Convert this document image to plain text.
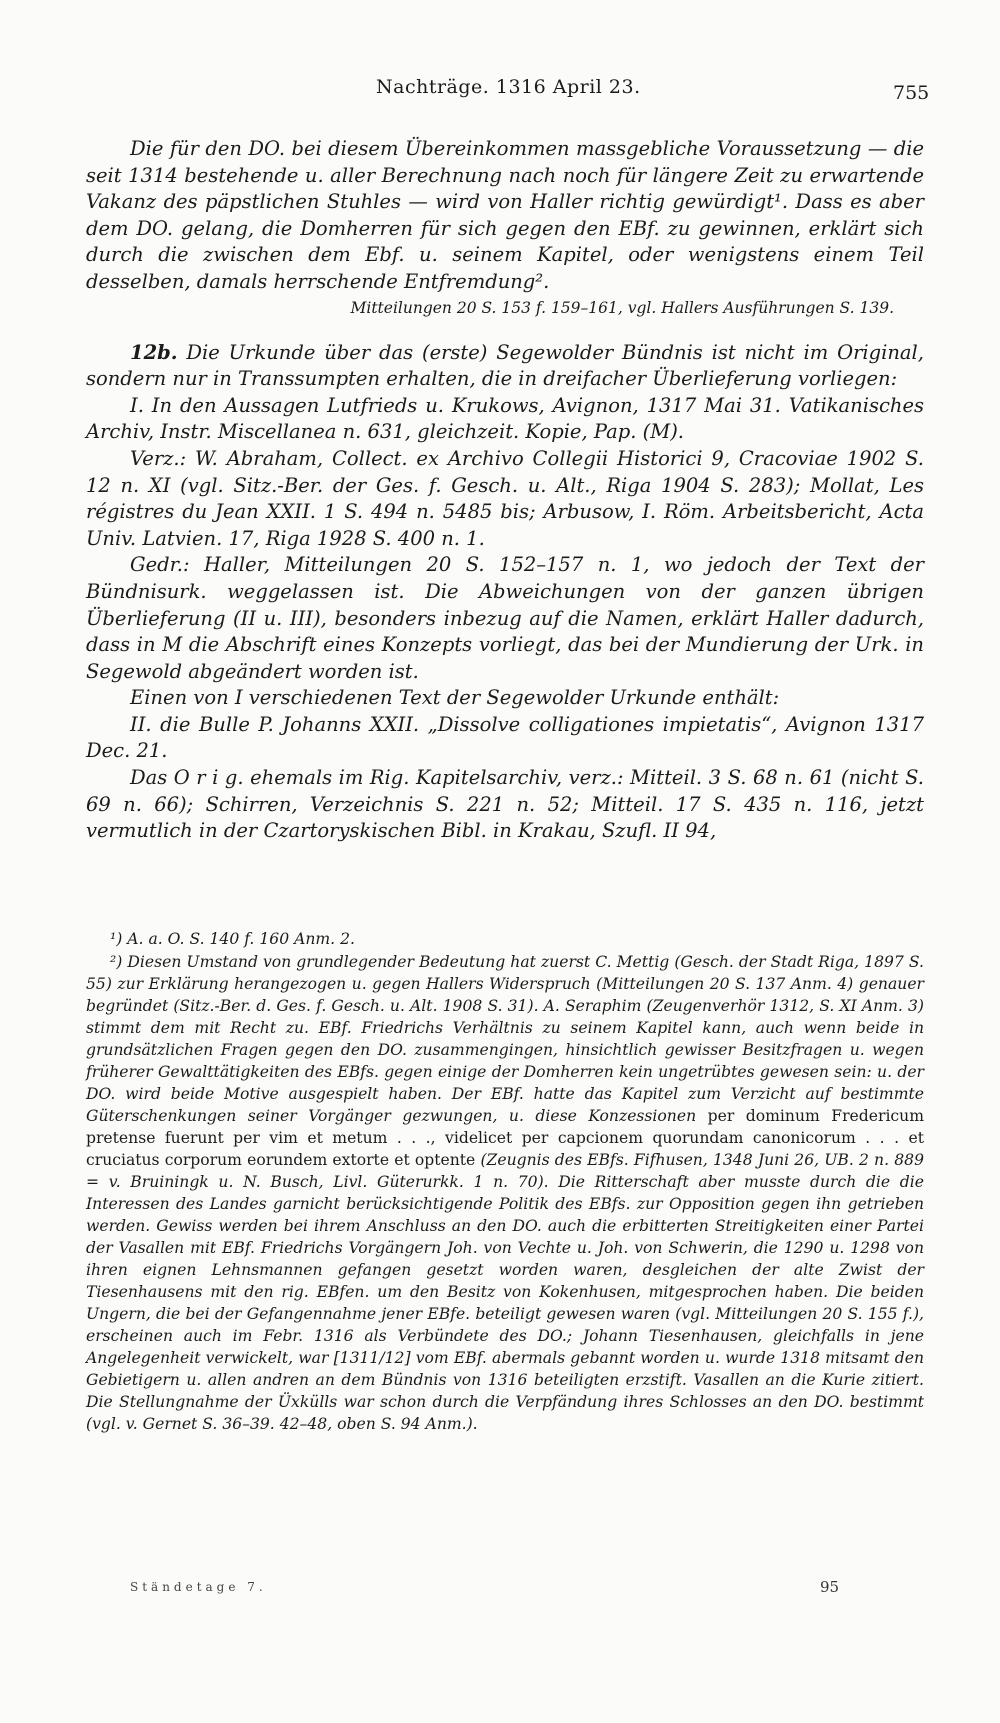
Nachträge. 1316 April 23.	755

Die für den DO. bei diesem Übereinkommen massgebliche Voraussetzung — die seit 1314 bestehende u. aller Berechnung nach noch für längere Zeit zu erwartende Vakanz des päpstlichen Stuhles — wird von Haller richtig gewürdigt¹. Dass es aber dem DO. gelang, die Domherren für sich gegen den EBf. zu gewinnen, erklärt sich durch die zwischen dem Ebf. u. seinem Kapitel, oder wenigstens einem Teil desselben, damals herrschende Entfremdung².

Mitteilungen 20 S. 153 f. 159–161, vgl. Hallers Ausführungen S. 139.

12b. Die Urkunde über das (erste) Segewolder Bündnis ist nicht im Original, sondern nur in Transsumpten erhalten, die in dreifacher Überlieferung vorliegen:

I. In den Aussagen Lutfrieds u. Krukows, Avignon, 1317 Mai 31. Vatikanisches Archiv, Instr. Miscellanea n. 631, gleichzeit. Kopie, Pap. (M).

Verz.: W. Abraham, Collect. ex Archivo Collegii Historici 9, Cracoviae 1902 S. 12 n. XI (vgl. Sitz.-Ber. der Ges. f. Gesch. u. Alt., Riga 1904 S. 283); Mollat, Les régistres du Jean XXII. 1 S. 494 n. 5485 bis; Arbusow, I. Röm. Arbeitsbericht, Acta Univ. Latvien. 17, Riga 1928 S. 400 n. 1.

Gedr.: Haller, Mitteilungen 20 S. 152–157 n. 1, wo jedoch der Text der Bündnisurk. weggelassen ist. Die Abweichungen von der ganzen übrigen Überlieferung (II u. III), besonders inbezug auf die Namen, erklärt Haller dadurch, dass in M die Abschrift eines Konzepts vorliegt, das bei der Mundierung der Urk. in Segewold abgeändert worden ist.

Einen von I verschiedenen Text der Segewolder Urkunde enthält:

II. die Bulle P. Johanns XXII. „Dissolve colligationes impietatis“, Avignon 1317 Dec. 21.

Das O r i g. ehemals im Rig. Kapitelsarchiv, verz.: Mitteil. 3 S. 68 n. 61 (nicht S. 69 n. 66); Schirren, Verzeichnis S. 221 n. 52; Mitteil. 17 S. 435 n. 116, jetzt vermutlich in der Czartoryskischen Bibl. in Krakau, Szufl. II 94,

¹) A. a. O. S. 140 f. 160 Anm. 2.

²) Diesen Umstand von grundlegender Bedeutung hat zuerst C. Mettig (Gesch. der Stadt Riga, 1897 S. 55) zur Erklärung herangezogen u. gegen Hallers Widerspruch (Mitteilungen 20 S. 137 Anm. 4) genauer begründet (Sitz.-Ber. d. Ges. f. Gesch. u. Alt. 1908 S. 31). A. Seraphim (Zeugenverhör 1312, S. XI Anm. 3) stimmt dem mit Recht zu. EBf. Friedrichs Verhältnis zu seinem Kapitel kann, auch wenn beide in grundsätzlichen Fragen gegen den DO. zusammengingen, hinsichtlich gewisser Besitzfragen u. wegen früherer Gewalttätigkeiten des EBfs. gegen einige der Domherren kein ungetrübtes gewesen sein: u. der DO. wird beide Motive ausgespielt haben. Der EBf. hatte das Kapitel zum Verzicht auf bestimmte Güterschenkungen seiner Vorgänger gezwungen, u. diese Konzessionen per dominum Fredericum pretense fuerunt per vim et metum . . ., videlicet per capcionem quorundam canonicorum . . . et cruciatus corporum eorundem extorte et optente (Zeugnis des EBfs. Fifhusen, 1348 Juni 26, UB. 2 n. 889 = v. Bruiningk u. N. Busch, Livl. Güterurkk. 1 n. 70). Die Ritterschaft aber musste durch die die Interessen des Landes garnicht berücksichtigende Politik des EBfs. zur Opposition gegen ihn getrieben werden. Gewiss werden bei ihrem Anschluss an den DO. auch die erbitterten Streitigkeiten einer Partei der Vasallen mit EBf. Friedrichs Vorgängern Joh. von Vechte u. Joh. von Schwerin, die 1290 u. 1298 von ihren eignen Lehnsmannen gefangen gesetzt worden waren, desgleichen der alte Zwist der Tiesenhausens mit den rig. EBfen. um den Besitz von Kokenhusen, mitgesprochen haben. Die beiden Ungern, die bei der Gefangennahme jener EBfe. beteiligt gewesen waren (vgl. Mitteilungen 20 S. 155 f.), erscheinen auch im Febr. 1316 als Verbündete des DO.; Johann Tiesenhausen, gleichfalls in jene Angelegenheit verwickelt, war [1311/12] vom EBf. abermals gebannt worden u. wurde 1318 mitsamt den Gebietigern u. allen andren an dem Bündnis von 1316 beteiligten erzstift. Vasallen an die Kurie zitiert. Die Stellungnahme der Üxkülls war schon durch die Verpfändung ihres Schlosses an den DO. bestimmt (vgl. v. Gernet S. 36–39. 42–48, oben S. 94 Anm.).

Ständetage 7.	95
